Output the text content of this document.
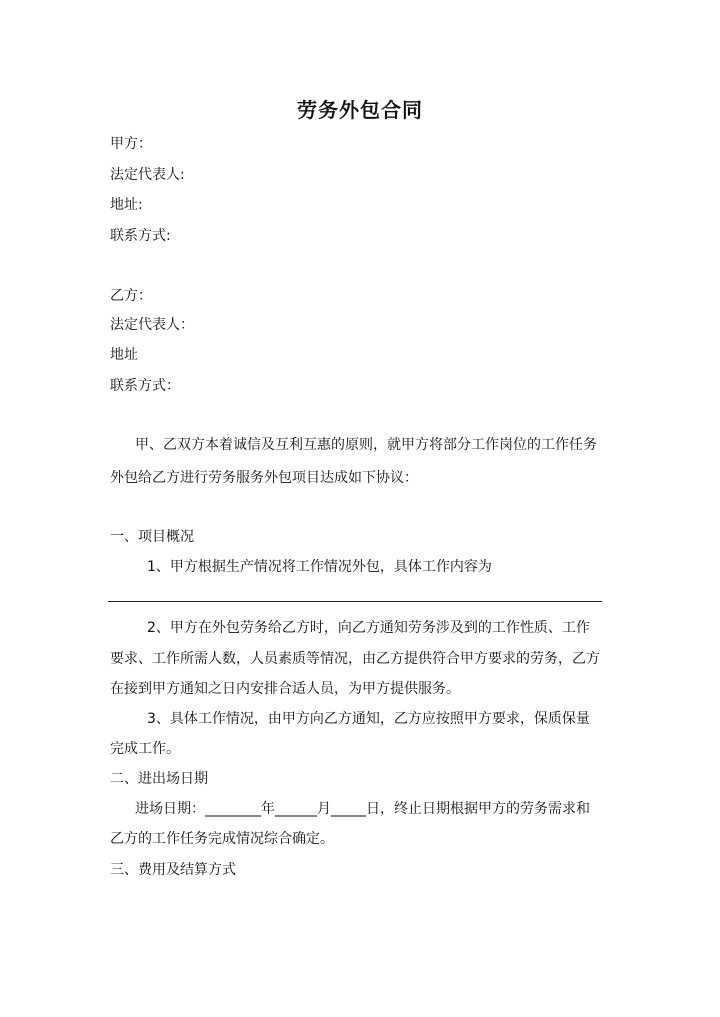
劳务外包合同
甲方：
法定代表人:
地址:
联系方式:
乙方：
法定代表人：
地址
联系方式：
甲、乙双方本着诚信及互利互惠的原则，就甲方将部分工作岗位的工作任务
外包给乙方进行劳务服务外包项目达成如下协议：
一、项目概况
1、甲方根据生产情况将工作情况外包，具体工作内容为
2、甲方在外包劳务给乙方时，向乙方通知劳务涉及到的工作性质、工作
要求、工作所需人数，人员素质等情况，由乙方提供符合甲方要求的劳务，乙方
在接到甲方通知之日内安排合适人员，为甲方提供服务。
3、具体工作情况，由甲方向乙方通知，乙方应按照甲方要求，保质保量
完成工作。
二、进出场日期
进场日期：________年______月_____日，终止日期根据甲方的劳务需求和
乙方的工作任务完成情况综合确定。
三、费用及结算方式
